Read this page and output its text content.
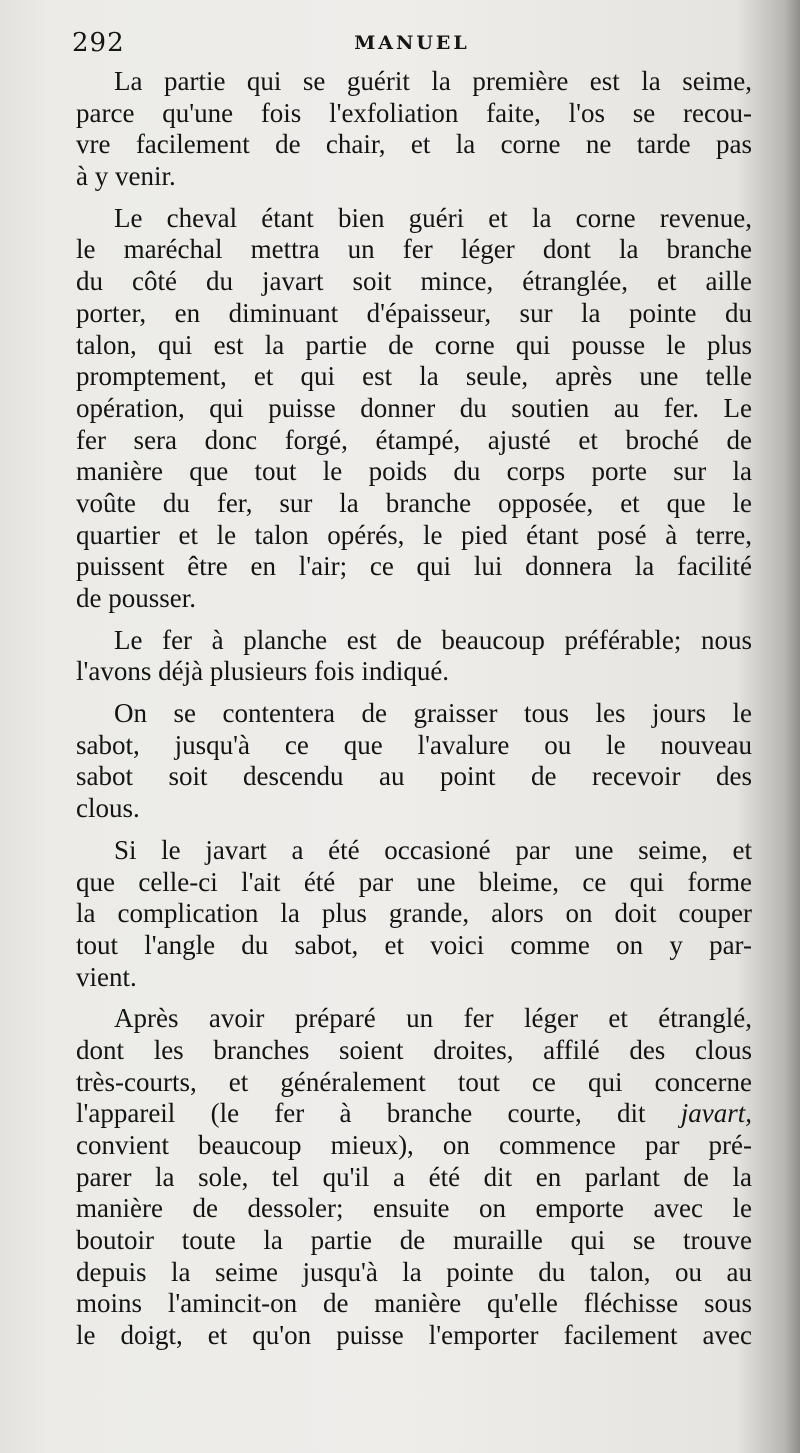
292	MANUEL
La partie qui se guérit la première est la seime,
parce qu'une fois l'exfoliation faite, l'os se recou-
vre facilement de chair, et la corne ne tarde pas
à y venir.
Le cheval étant bien guéri et la corne revenue,
le maréchal mettra un fer léger dont la branche
du côté du javart soit mince, étranglée, et aille
porter, en diminuant d'épaisseur, sur la pointe du
talon, qui est la partie de corne qui pousse le plus
promptement, et qui est la seule, après une telle
opération, qui puisse donner du soutien au fer. Le
fer sera donc forgé, étampé, ajusté et broché de
manière que tout le poids du corps porte sur la
voûte du fer, sur la branche opposée, et que le
quartier et le talon opérés, le pied étant posé à terre,
puissent être en l'air; ce qui lui donnera la facilité
de pousser.
Le fer à planche est de beaucoup préférable; nous
l'avons déjà plusieurs fois indiqué.
On se contentera de graisser tous les jours le
sabot, jusqu'à ce que l'avalure ou le nouveau
sabot soit descendu au point de recevoir des
clous.
Si le javart a été occasioné par une seime, et
que celle-ci l'ait été par une bleime, ce qui forme
la complication la plus grande, alors on doit couper
tout l'angle du sabot, et voici comme on y par-
vient.
Après avoir préparé un fer léger et étranglé,
dont les branches soient droites, affilé des clous
très-courts, et généralement tout ce qui concerne
l'appareil (le fer à branche courte, dit javart,
convient beaucoup mieux), on commence par pré-
parer la sole, tel qu'il a été dit en parlant de la
manière de dessoler; ensuite on emporte avec le
boutoir toute la partie de muraille qui se trouve
depuis la seime jusqu'à la pointe du talon, ou au
moins l'amincit-on de manière qu'elle fléchisse sous
le doigt, et qu'on puisse l'emporter facilement avec
